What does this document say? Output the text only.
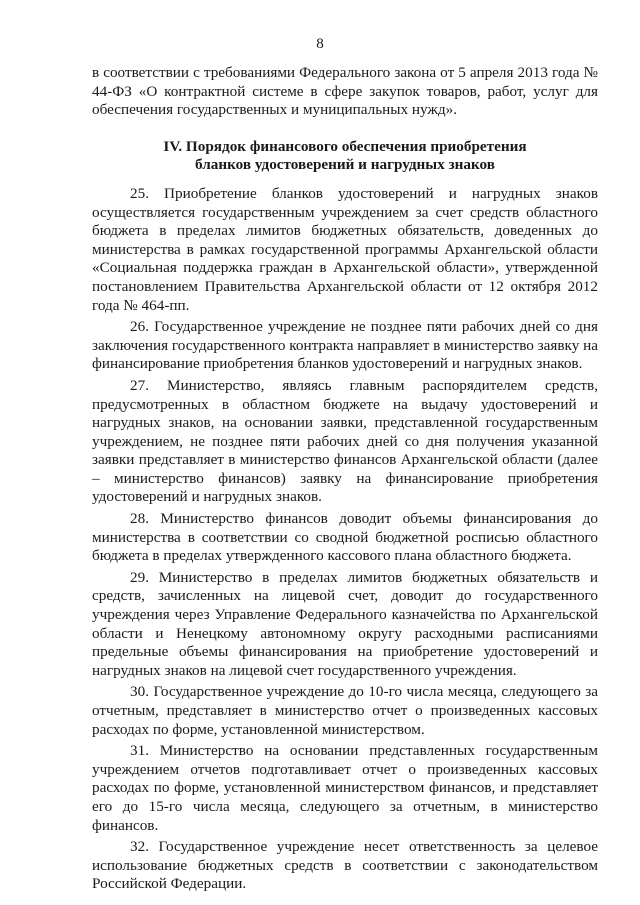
8

в соответствии с требованиями Федерального закона от 5 апреля 2013 года № 44-ФЗ «О контрактной системе в сфере закупок товаров, работ, услуг для обеспечения государственных и муниципальных нужд».

IV. Порядок финансового обеспечения приобретения
бланков удостоверений и нагрудных знаков

25. Приобретение бланков удостоверений и нагрудных знаков осуществляется государственным учреждением за счет средств областного бюджета в пределах лимитов бюджетных обязательств, доведенных до министерства в рамках государственной программы Архангельской области «Социальная поддержка граждан в Архангельской области», утвержденной постановлением Правительства Архангельской области от 12 октября 2012 года № 464-пп.

26. Государственное учреждение не позднее пяти рабочих дней со дня заключения государственного контракта направляет в министерство заявку на финансирование приобретения бланков удостоверений и нагрудных знаков.

27. Министерство, являясь главным распорядителем средств, предусмотренных в областном бюджете на выдачу удостоверений и нагрудных знаков, на основании заявки, представленной государственным учреждением, не позднее пяти рабочих дней со дня получения указанной заявки представляет в министерство финансов Архангельской области (далее – министерство финансов) заявку на финансирование приобретения удостоверений и нагрудных знаков.

28. Министерство финансов доводит объемы финансирования до министерства в соответствии со сводной бюджетной росписью областного бюджета в пределах утвержденного кассового плана областного бюджета.

29. Министерство в пределах лимитов бюджетных обязательств и средств, зачисленных на лицевой счет, доводит до государственного учреждения через Управление Федерального казначейства по Архангельской области и Ненецкому автономному округу расходными расписаниями предельные объемы финансирования на приобретение удостоверений и нагрудных знаков на лицевой счет государственного учреждения.

30. Государственное учреждение до 10-го числа месяца, следующего за отчетным, представляет в министерство отчет о произведенных кассовых расходах по форме, установленной министерством.

31. Министерство на основании представленных государственным учреждением отчетов подготавливает отчет о произведенных кассовых расходах по форме, установленной министерством финансов, и представляет его до 15-го числа месяца, следующего за отчетным, в министерство финансов.

32. Государственное учреждение несет ответственность за целевое использование бюджетных средств в соответствии с законодательством Российской Федерации.
